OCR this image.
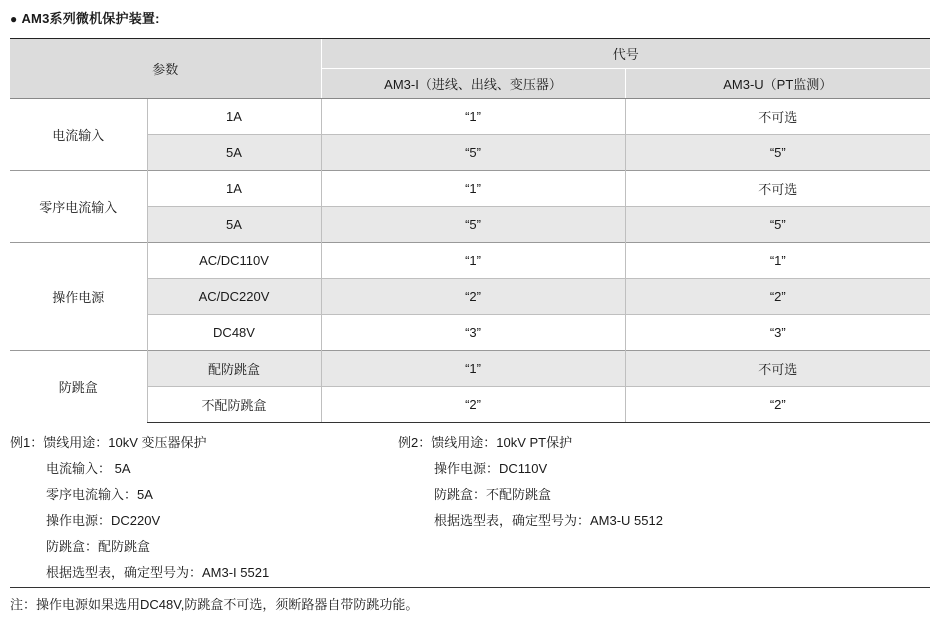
● AM3系列微机保护装置:
参数		代号	
		AM3-I（进线、出线、变压器）	AM3-U（PT监测）
电流输入	1A	“1”	不可选
	5A	“5”	“5”
零序电流输入	1A	“1”	不可选
	5A	“5”	“5”
操作电源	AC/DC110V	“1”	“1”
	AC/DC220V	“2”	“2”
	DC48V	“3”	“3”
防跳盒	配防跳盒	“1”	不可选
	不配防跳盒	“2”	“2”
例1：馈线用途：10kV 变压器保护
电流输入： 5A
零序电流输入：5A
操作电源：DC220V
防跳盒：配防跳盒
根据选型表，确定型号为：AM3-I 5521
例2：馈线用途：10kV PT保护
操作电源：DC110V
防跳盒：不配防跳盒
根据选型表，确定型号为：AM3-U 5512
注：操作电源如果选用DC48V,防跳盒不可选，须断路器自带防跳功能。
